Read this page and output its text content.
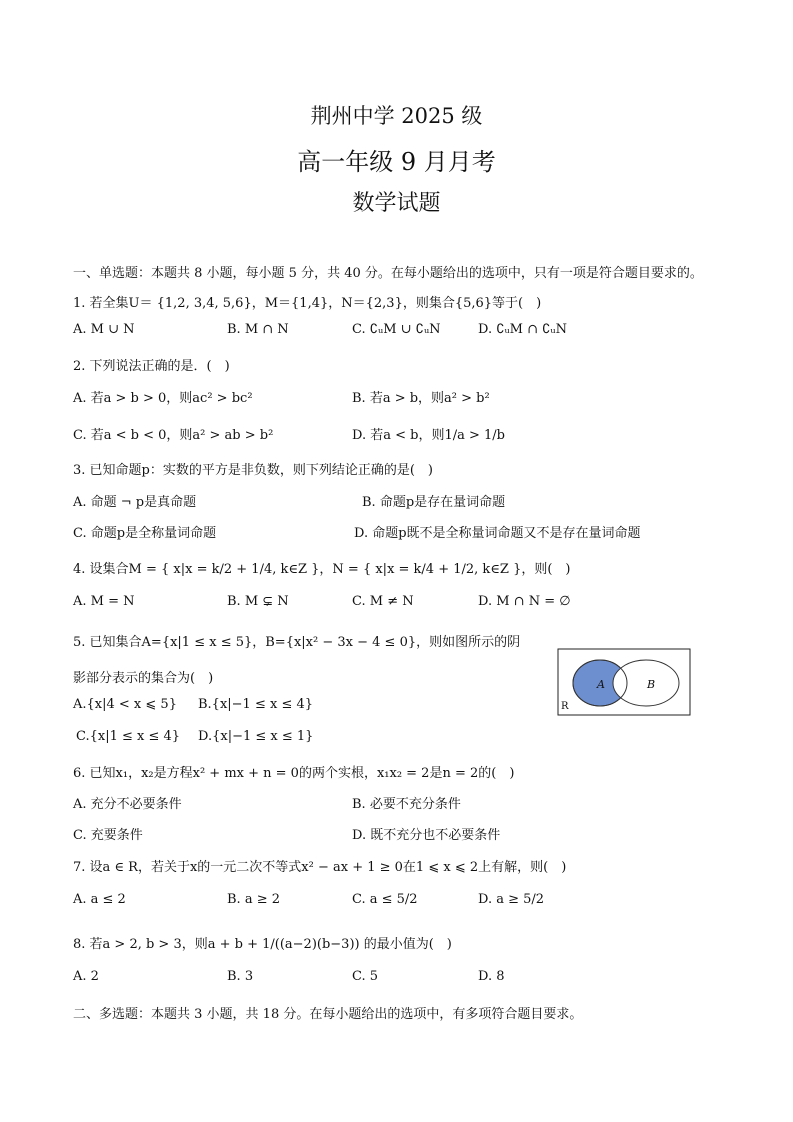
荆州中学 2025 级
高一年级 9 月月考
数学试题
一、单选题：本题共 8 小题，每小题 5 分，共 40 分。在每小题给出的选项中，只有一项是符合题目要求的。
1. 若全集U＝ {1,2, 3,4, 5,6}，M＝{1,4}，N＝{2,3}，则集合{5,6}等于(　)
A. M ∪ N	B. M ∩ N	C. ∁ᵤM ∪ ∁ᵤN	D. ∁ᵤM ∩ ∁ᵤN
2. 下列说法正确的是．(　)
A. 若a > b > 0，则ac² > bc²	B. 若a > b，则a² > b²
C. 若a < b < 0，则a² > ab > b²	D. 若a < b，则1/a > 1/b
3. 已知命题p：实数的平方是非负数，则下列结论正确的是(　)
A. 命题 ¬ p是真命题	B. 命题p是存在量词命题
C. 命题p是全称量词命题	D. 命题p既不是全称量词命题又不是存在量词命题
4. 设集合M = { x|x = k/2 + 1/4, k∈Z }，N = { x|x = k/4 + 1/2, k∈Z }，则(　)
A. M = N	B. M ⊊ N	C. M ≠ N	D. M ∩ N = ∅
5. 已知集合A={x|1 ≤ x ≤ 5}，B={x|x² − 3x − 4 ≤ 0}，则如图所示的阴
影部分表示的集合为(　)
A.{x|4 < x ⩽ 5} B.{x|−1 ≤ x ≤ 4}
C.{x|1 ≤ x ≤ 4} D.{x|−1 ≤ x ≤ 1}
A	B
R
6. 已知x₁，x₂是方程x² + mx + n = 0的两个实根，x₁x₂ = 2是n = 2的(　)
A. 充分不必要条件	B. 必要不充分条件
C. 充要条件	D. 既不充分也不必要条件
7. 设a ∈ R，若关于x的一元二次不等式x² − ax + 1 ≥ 0在1 ⩽ x ⩽ 2上有解，则(　)
A. a ≤ 2	B. a ≥ 2	C. a ≤ 5/2	D. a ≥ 5/2
8. 若a > 2, b > 3，则a + b + 1/((a−2)(b−3)) 的最小值为(　)
A. 2	B. 3	C. 5	D. 8
二、多选题：本题共 3 小题，共 18 分。在每小题给出的选项中，有多项符合题目要求。
